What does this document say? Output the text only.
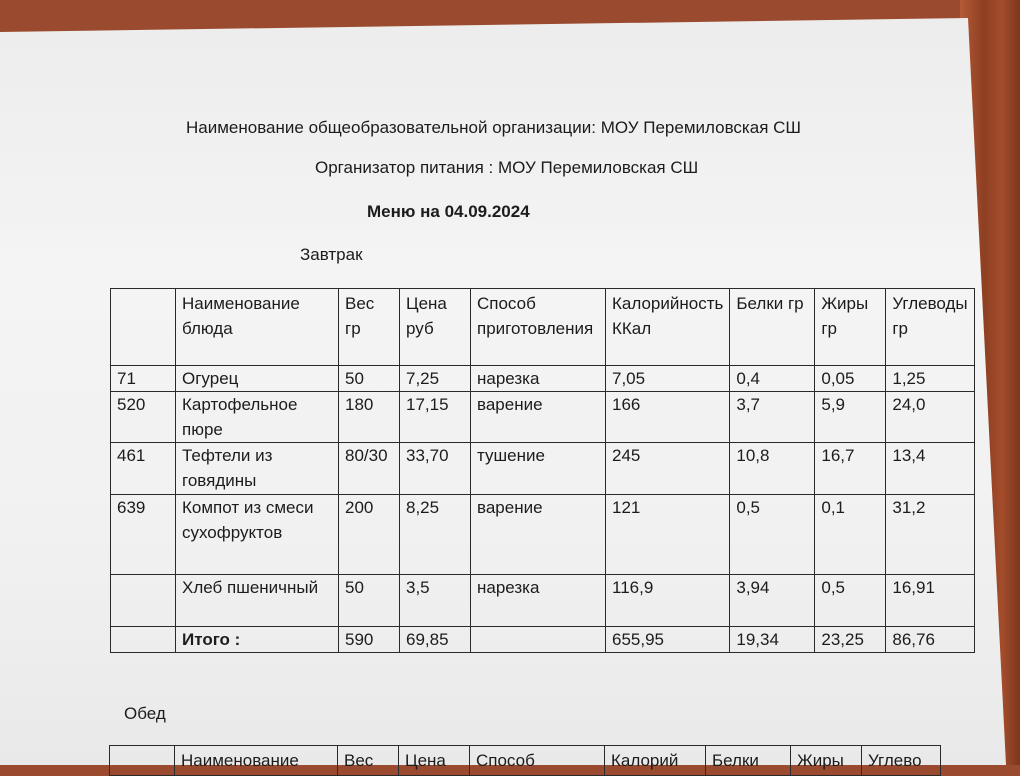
Наименование общеобразовательной организации: МОУ Перемиловская СШ
Организатор питания : МОУ Перемиловская СШ
Меню на 04.09.2024
Завтрак
	Наименование блюда	Вес гр	Цена руб	Способ приготовления	Калорийность ККал	Белки гр	Жиры гр	Углеводы гр
71	Огурец	50	7,25	нарезка	7,05	0,4	0,05	1,25
520	Картофельное пюре	180	17,15	варение	166	3,7	5,9	24,0
461	Тефтели из говядины	80/30	33,70	тушение	245	10,8	16,7	13,4
639	Компот из смеси сухофруктов	200	8,25	варение	121	0,5	0,1	31,2
	Хлеб пшеничный	50	3,5	нарезка	116,9	3,94	0,5	16,91
	Итого :	590	69,85		655,95	19,34	23,25	86,76
Обед
	Наименование	Вес	Цена	Способ	Калорий	Белки	Жиры	Углево
